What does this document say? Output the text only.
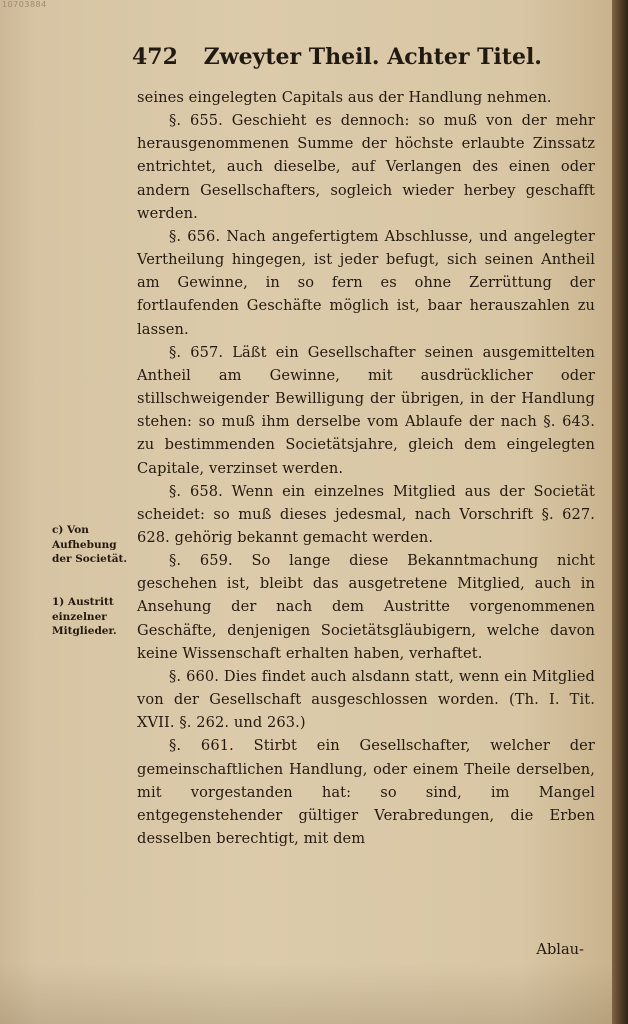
10703884
472 Zweyter Theil. Achter Titel.
c) Von Aufhebung der Societät.
1) Austritt einzelner Mitglieder.

seines eingelegten Capitals aus der Handlung nehmen.

§. 655. Geschieht es dennoch: so muß von der mehr herausgenommenen Summe der höchste erlaubte Zinssatz entrichtet, auch dieselbe, auf Verlangen des einen oder andern Gesellschafters, sogleich wieder herbey geschafft werden.

§. 656. Nach angefertigtem Abschlusse, und angelegter Vertheilung hingegen, ist jeder befugt, sich seinen Antheil am Gewinne, in so fern es ohne Zerrüttung der fortlaufenden Geschäfte möglich ist, baar herauszahlen zu lassen.

§. 657. Läßt ein Gesellschafter seinen ausgemittelten Antheil am Gewinne, mit ausdrücklicher oder stillschweigender Bewilligung der übrigen, in der Handlung stehen: so muß ihm derselbe vom Ablaufe der nach §. 643. zu bestimmenden Societätsjahre, gleich dem eingelegten Capitale, verzinset werden.

§. 658. Wenn ein einzelnes Mitglied aus der Societät scheidet: so muß dieses jedesmal, nach Vorschrift §. 627. 628. gehörig bekannt gemacht werden.

§. 659. So lange diese Bekanntmachung nicht geschehen ist, bleibt das ausgetretene Mitglied, auch in Ansehung der nach dem Austritte vorgenommenen Geschäfte, denjenigen Societätsgläubigern, welche davon keine Wissenschaft erhalten haben, verhaftet.

§. 660. Dies findet auch alsdann statt, wenn ein Mitglied von der Gesellschaft ausgeschlossen worden. (Th. I. Tit. XVII. §. 262. und 263.)

§. 661. Stirbt ein Gesellschafter, welcher der gemeinschaftlichen Handlung, oder einem Theile derselben, mit vorgestanden hat: so sind, im Mangel entgegenstehender gültiger Verabredungen, die Erben desselben berechtigt, mit dem

Ablau-
